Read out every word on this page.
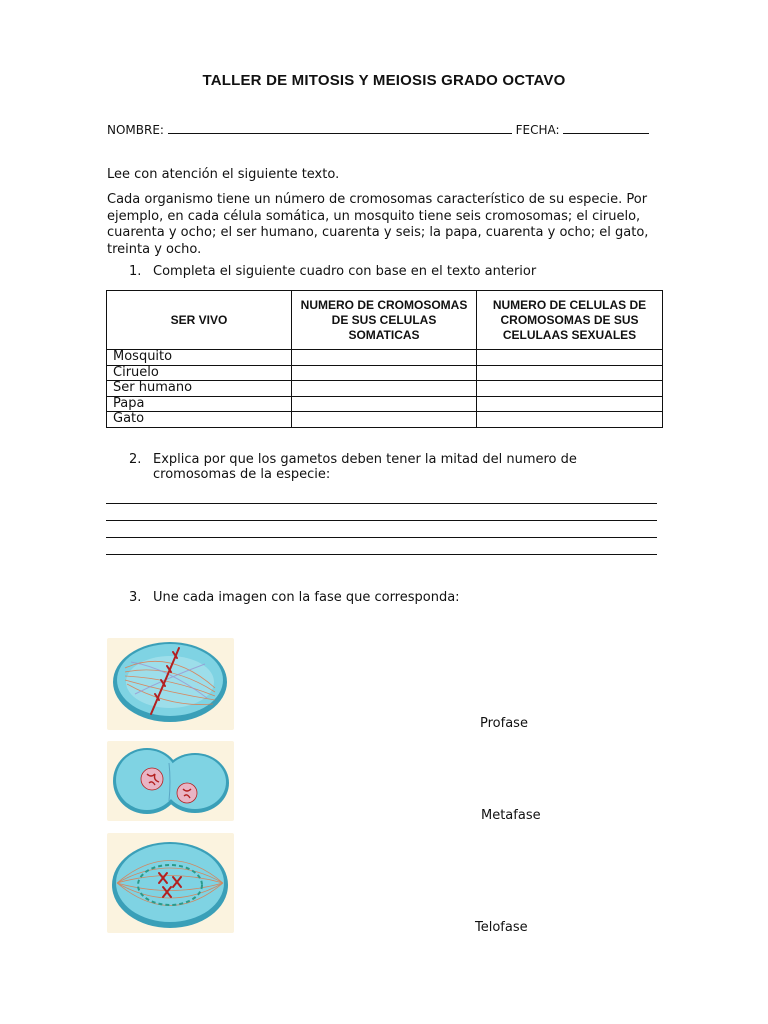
TALLER DE MITOSIS Y MEIOSIS GRADO OCTAVO
NOMBRE:	FECHA:
Lee con atención el siguiente texto.
Cada organismo tiene un número de cromosomas característico de su especie. Por ejemplo, en cada célula somática, un mosquito tiene seis cromosomas; el ciruelo, cuarenta y ocho; el ser humano, cuarenta y seis; la papa, cuarenta y ocho; el gato, treinta y ocho.
1. Completa el siguiente cuadro con base en el texto anterior
SER VIVO	NUMERO DE CROMOSOMAS DE SUS CELULAS SOMATICAS	NUMERO DE CELULAS DE CROMOSOMAS DE SUS CELULAAS SEXUALES
Mosquito		
Ciruelo		
Ser humano		
Papa		
Gato		
2. Explica por que los gametos deben tener la mitad del numero de
cromosomas de la especie:
3. Une cada imagen con la fase que corresponda:
Profase
Metafase
Telofase
